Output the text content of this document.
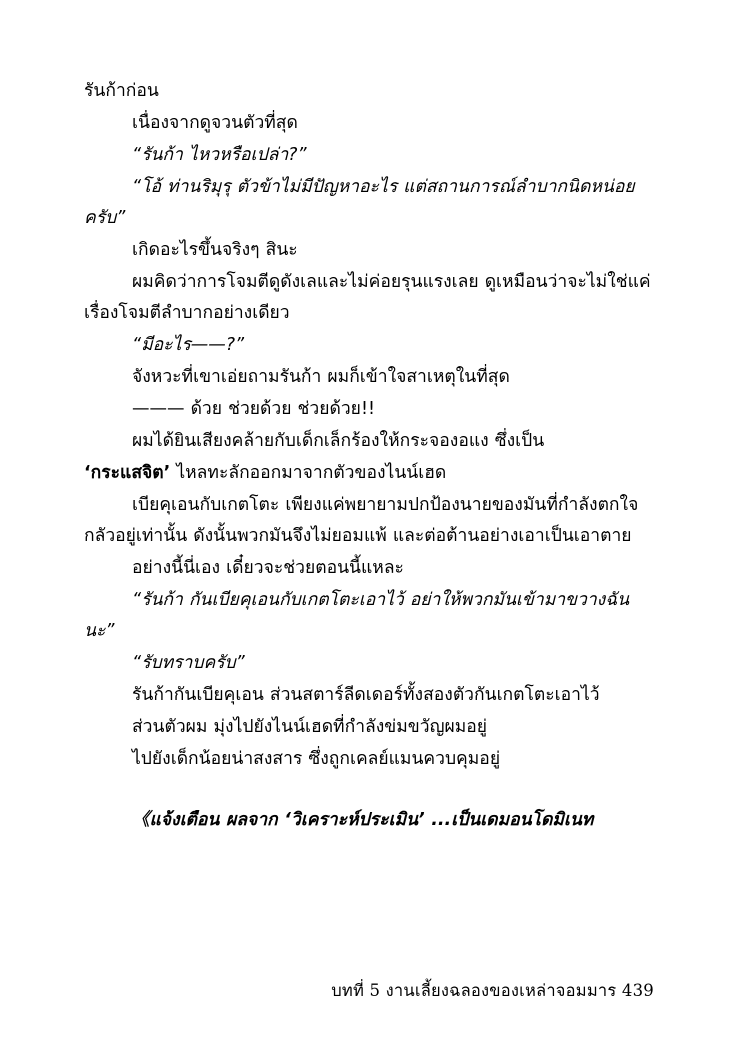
รันก้าก่อน

เนื่องจากดูจวนตัวที่สุด

“รันก้า ไหวหรือเปล่า?”

“โอ้ ท่านริมุรุ ตัวข้าไม่มีปัญหาอะไร แต่สถานการณ์ลำบากนิดหน่อยครับ”

เกิดอะไรขึ้นจริงๆ สินะ

ผมคิดว่าการโจมตีดูดังเลและไม่ค่อยรุนแรงเลย ดูเหมือนว่าจะไม่ใช่แค่เรื่องโจมตีลำบากอย่างเดียว

“มีอะไร——?”

จังหวะที่เขาเอ่ยถามรันก้า ผมก็เข้าใจสาเหตุในที่สุด

——— ด้วย ช่วยด้วย ช่วยด้วย!!

ผมได้ยินเสียงคล้ายกับเด็กเล็กร้องให้กระจองอแง ซึ่งเป็น

‘กระแสจิต’ ไหลทะลักออกมาจากตัวของไนน์เฮด

เบียคุเอนกับเกตโตะ เพียงแค่พยายามปกป้องนายของมันที่กำลังตกใจกลัวอยู่เท่านั้น ดังนั้นพวกมันจึงไม่ยอมแพ้ และต่อต้านอย่างเอาเป็นเอาตาย

อย่างนี้นี่เอง เดี๋ยวจะช่วยตอนนี้แหละ

“รันก้า กันเบียคุเอนกับเกตโตะเอาไว้ อย่าให้พวกมันเข้ามาขวางฉันนะ”

“รับทราบครับ”

รันก้ากันเบียคุเอน ส่วนสตาร์ลีดเดอร์ทั้งสองตัวกันเกตโตะเอาไว้

ส่วนตัวผม มุ่งไปยังไนน์เฮดที่กำลังข่มขวัญผมอยู่

ไปยังเด็กน้อยน่าสงสาร ซึ่งถูกเคลย์แมนควบคุมอยู่

《แจ้งเตือน ผลจาก ‘วิเคราะห์ประเมิน’ ...เป็นเดมอนโดมิเนท

บทที่ 5 งานเลี้ยงฉลองของเหล่าจอมมาร 439
